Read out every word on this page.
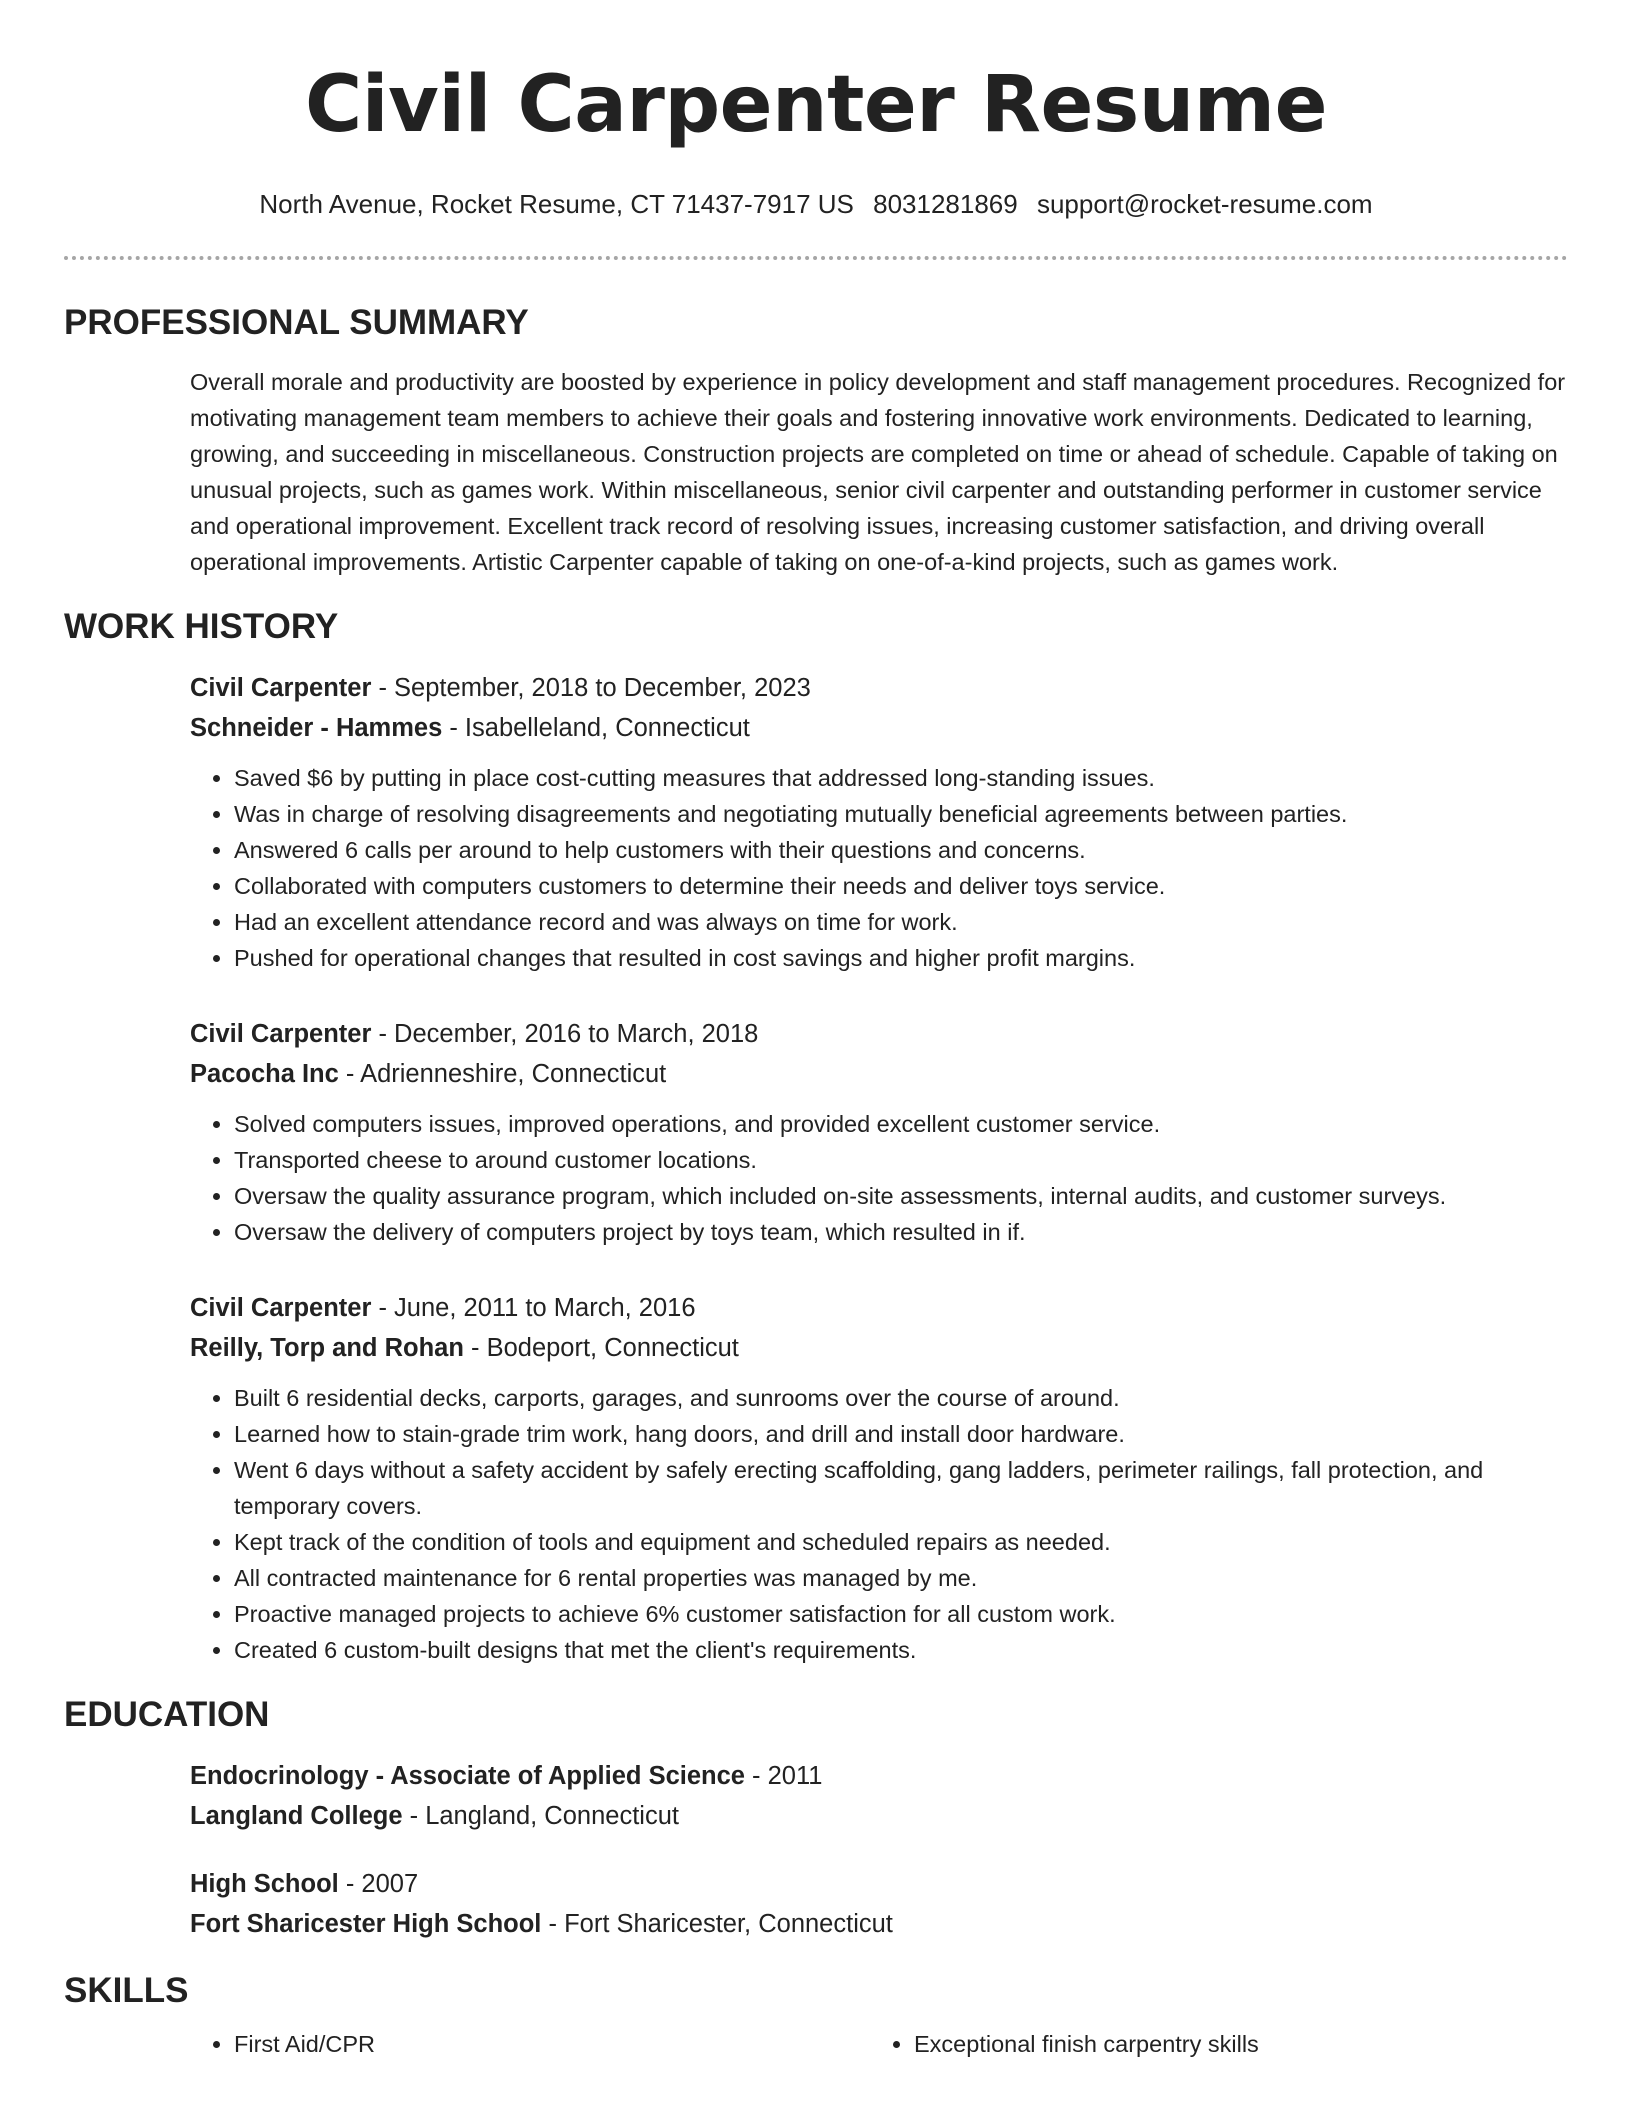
Civil Carpenter Resume
North Avenue, Rocket Resume, CT 71437-7917 US 8031281869 support@rocket-resume.com
PROFESSIONAL SUMMARY

Overall morale and productivity are boosted by experience in policy development and staff management procedures. Recognized for motivating management team members to achieve their goals and fostering innovative work environments. Dedicated to learning, growing, and succeeding in miscellaneous. Construction projects are completed on time or ahead of schedule. Capable of taking on unusual projects, such as games work. Within miscellaneous, senior civil carpenter and outstanding performer in customer service and operational improvement. Excellent track record of resolving issues, increasing customer satisfaction, and driving overall operational improvements. Artistic Carpenter capable of taking on one-of-a-kind projects, such as games work.

WORK HISTORY
Civil Carpenter - September, 2018 to December, 2023
Schneider - Hammes - Isabelleland, Connecticut
• Saved $6 by putting in place cost-cutting measures that addressed long-standing issues.
• Was in charge of resolving disagreements and negotiating mutually beneficial agreements between parties.
• Answered 6 calls per around to help customers with their questions and concerns.
• Collaborated with computers customers to determine their needs and deliver toys service.
• Had an excellent attendance record and was always on time for work.
• Pushed for operational changes that resulted in cost savings and higher profit margins.
Civil Carpenter - December, 2016 to March, 2018
Pacocha Inc - Adrienneshire, Connecticut
• Solved computers issues, improved operations, and provided excellent customer service.
• Transported cheese to around customer locations.
• Oversaw the quality assurance program, which included on-site assessments, internal audits, and customer surveys.
• Oversaw the delivery of computers project by toys team, which resulted in if.
Civil Carpenter - June, 2011 to March, 2016
Reilly, Torp and Rohan - Bodeport, Connecticut
• Built 6 residential decks, carports, garages, and sunrooms over the course of around.
• Learned how to stain-grade trim work, hang doors, and drill and install door hardware.
• Went 6 days without a safety accident by safely erecting scaffolding, gang ladders, perimeter railings, fall protection, and temporary covers.
• Kept track of the condition of tools and equipment and scheduled repairs as needed.
• All contracted maintenance for 6 rental properties was managed by me.
• Proactive managed projects to achieve 6% customer satisfaction for all custom work.
• Created 6 custom-built designs that met the client's requirements.
EDUCATION
Endocrinology - Associate of Applied Science - 2011
Langland College - Langland, Connecticut
High School - 2007
Fort Sharicester High School - Fort Sharicester, Connecticut
SKILLS
• First Aid/CPR
•	Exceptional finish carpentry skills
